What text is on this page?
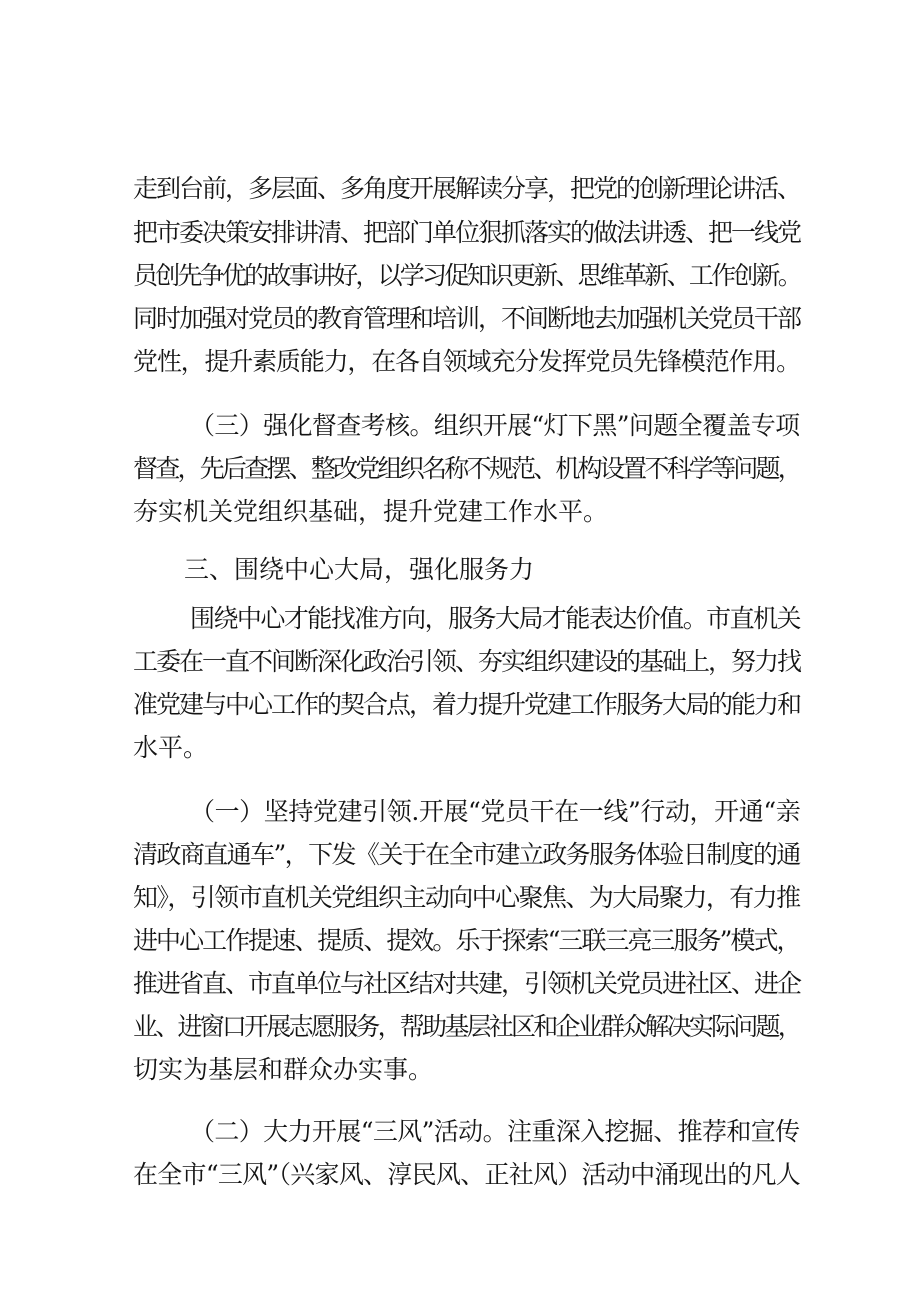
走到台前，多层面、多角度开展解读分享，把党的创新理论讲活、
把市委决策安排讲清、把部门单位狠抓落实的做法讲透、把一线党
员创先争优的故事讲好，以学习促知识更新、思维革新、工作创新。
同时加强对党员的教育管理和培训，不间断地去加强机关党员干部
党性，提升素质能力，在各自领域充分发挥党员先锋模范作用。
（三）强化督查考核。组织开展“灯下黑”问题全覆盖专项
督查，先后查摆、整改党组织名称不规范、机构设置不科学等问题，
夯实机关党组织基础，提升党建工作水平。
三、围绕中心大局，强化服务力
围绕中心才能找准方向，服务大局才能表达价值。市直机关
工委在一直不间断深化政治引领、夯实组织建设的基础上，努力找
准党建与中心工作的契合点，着力提升党建工作服务大局的能力和
水平。
（一）坚持党建引领.开展“党员干在一线”行动，开通“亲
清政商直通车”，下发《关于在全市建立政务服务体验日制度的通
知》，引领市直机关党组织主动向中心聚焦、为大局聚力，有力推
进中心工作提速、提质、提效。乐于探索“三联三亮三服务”模式，
推进省直、市直单位与社区结对共建，引领机关党员进社区、进企
业、进窗口开展志愿服务，帮助基层社区和企业群众解决实际问题，
切实为基层和群众办实事。
（二）大力开展“三风”活动。注重深入挖掘、推荐和宣传
在全市“三风”（兴家风、淳民风、正社风）活动中涌现出的凡人
